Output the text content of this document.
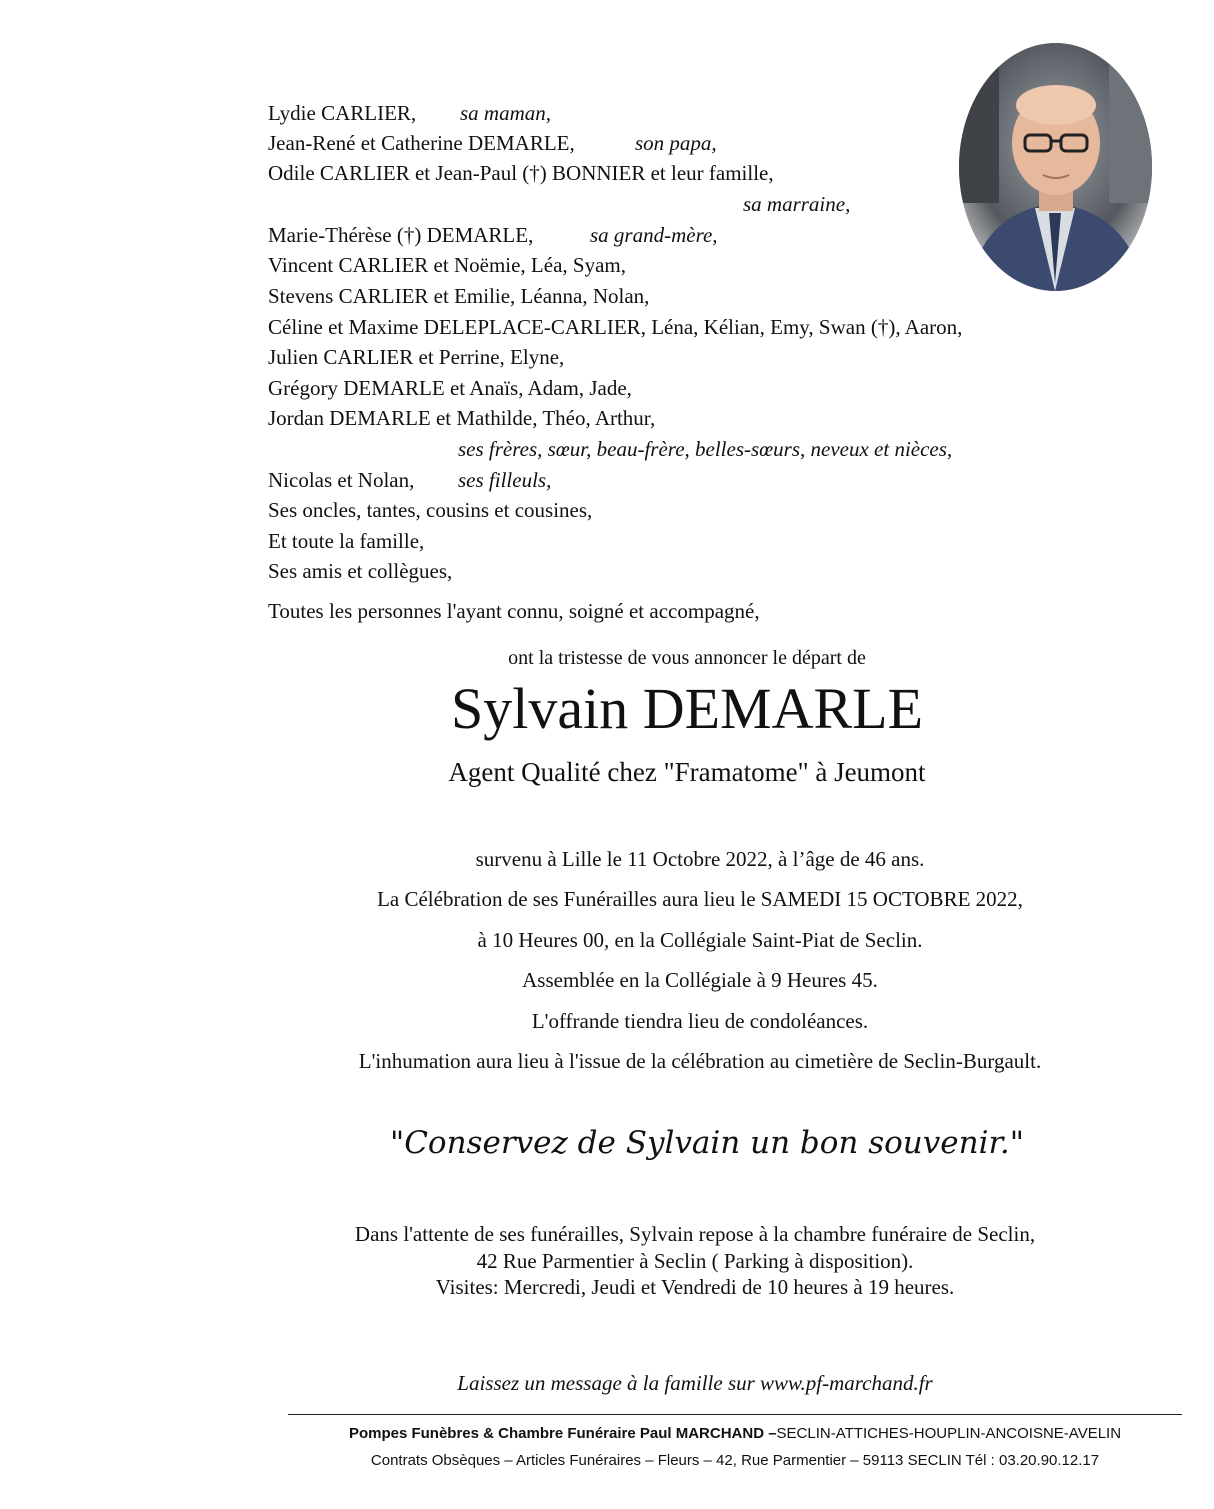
Lydie CARLIER, sa maman,
Jean-René et Catherine DEMARLE,	son papa,
Odile CARLIER et Jean-Paul (†) BONNIER et leur famille,
sa marraine,
Marie-Thérèse (†) DEMARLE,	sa grand-mère,
Vincent CARLIER et Noëmie, Léa, Syam,
Stevens CARLIER et Emilie, Léanna, Nolan,
Céline et Maxime DELEPLACE-CARLIER, Léna, Kélian, Emy, Swan (†), Aaron,
Julien CARLIER et Perrine, Elyne,
Grégory DEMARLE et Anaïs, Adam, Jade,
Jordan DEMARLE et Mathilde, Théo, Arthur,
ses frères, sœur, beau-frère, belles-sœurs, neveux et nièces,
Nicolas et Nolan, ses filleuls,
Ses oncles, tantes, cousins et cousines,
Et toute la famille,
Ses amis et collègues,
Toutes les personnes l'ayant connu, soigné et accompagné,
ont la tristesse de vous annoncer le départ de
Sylvain DEMARLE
Agent Qualité chez "Framatome" à Jeumont
survenu à Lille le 11 Octobre 2022, à l’âge de 46 ans.
La Célébration de ses Funérailles aura lieu le SAMEDI 15 OCTOBRE 2022,
à 10 Heures 00, en la Collégiale Saint-Piat de Seclin.
Assemblée en la Collégiale à 9 Heures 45.
L'offrande tiendra lieu de condoléances.
L'inhumation aura lieu à l'issue de la célébration au cimetière de Seclin-Burgault.
"Conservez de Sylvain un bon souvenir."
Dans l'attente de ses funérailles, Sylvain repose à la chambre funéraire de Seclin,
42 Rue Parmentier à Seclin ( Parking à disposition).
Visites: Mercredi, Jeudi et Vendredi de 10 heures à 19 heures.
Laissez un message à la famille sur www.pf-marchand.fr
Pompes Funèbres & Chambre Funéraire Paul MARCHAND –SECLIN-ATTICHES-HOUPLIN-ANCOISNE-AVELIN
Contrats Obsèques – Articles Funéraires – Fleurs – 42, Rue Parmentier – 59113 SECLIN Tél : 03.20.90.12.17
